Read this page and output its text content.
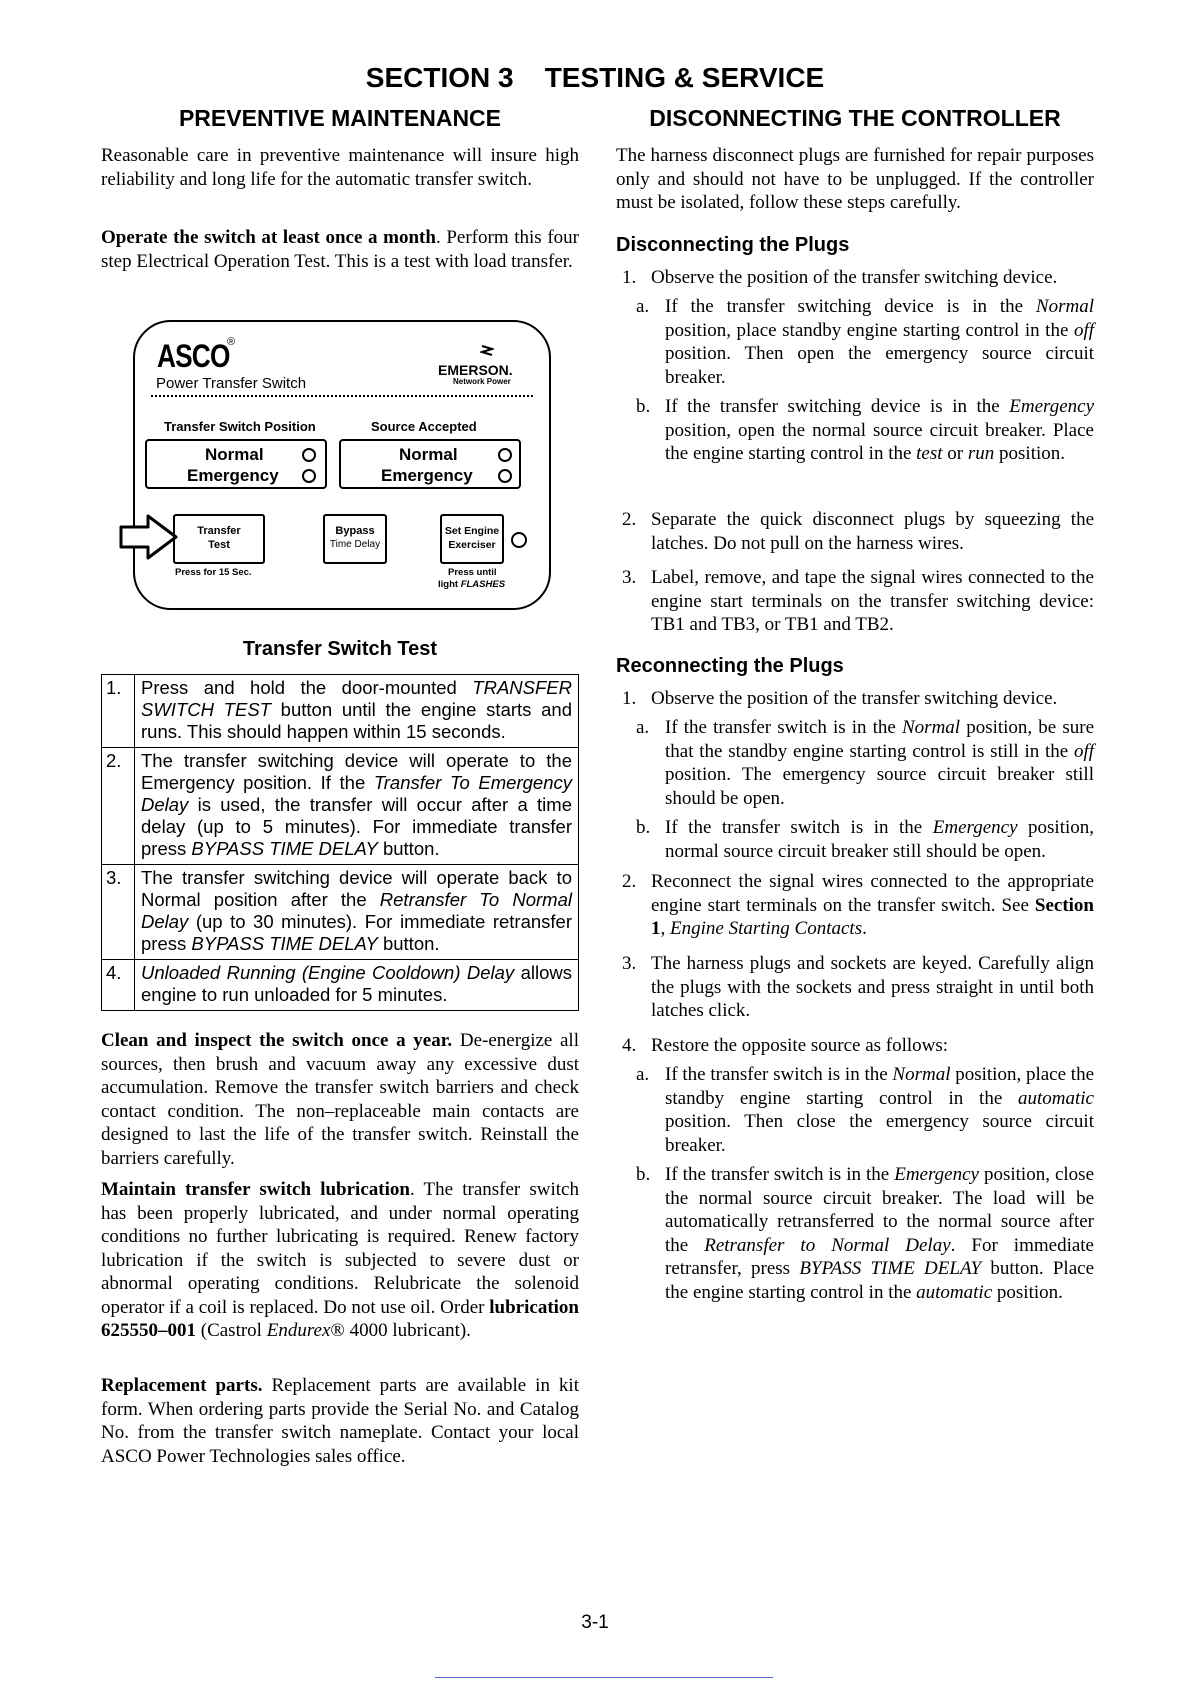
SECTION 3    TESTING & SERVICE
PREVENTIVE MAINTENANCE

Reasonable care in preventive maintenance will insure high reliability and long life for the automatic transfer switch.

Operate the switch at least once a month. Perform this four step Electrical Operation Test. This is a test with load transfer.

ASCO
®
Power Transfer Switch
EMERSON.
Network Power
Transfer Switch Position	Source Accepted
Normal
Emergency
Normal
Emergency
Transfer
Test
Press for 15 Sec.
Bypass
Time Delay
Set Engine
Exerciser
Press until
light FLASHES
Transfer Switch Test
1.	Press and hold the door-mounted TRANSFER SWITCH TEST button until the engine starts and runs. This should happen within 15 seconds.
2.	The transfer switching device will operate to the Emergency position. If the Transfer To Emergency Delay is used, the transfer will occur after a time delay (up to 5 minutes). For immediate transfer press BYPASS TIME DELAY button.
3.	The transfer switching device will operate back to Normal position after the Retransfer To Normal Delay (up to 30 minutes). For immediate retransfer press BYPASS TIME DELAY button.
4.	Unloaded Running (Engine Cooldown) Delay allows engine to run unloaded for 5 minutes.

Clean and inspect the switch once a year. De-energize all sources, then brush and vacuum away any excessive dust accumulation. Remove the transfer switch barriers and check contact condition. The non–replaceable main contacts are designed to last the life of the transfer switch. Reinstall the barriers carefully.

Maintain transfer switch lubrication. The transfer switch has been properly lubricated, and under normal operating conditions no further lubricating is required. Renew factory lubrication if the switch is subjected to severe dust or abnormal operating conditions. Relubricate the solenoid operator if a coil is replaced. Do not use oil. Order lubrication 625550–001 (Castrol Endurex® 4000 lubricant).

Replacement parts. Replacement parts are available in kit form. When ordering parts provide the Serial No. and Catalog No. from the transfer switch nameplate. Contact your local ASCO Power Technologies sales office.

DISCONNECTING THE CONTROLLER

The harness disconnect plugs are furnished for repair purposes only and should not have to be unplugged. If the controller must be isolated, follow these steps carefully.

Disconnecting the Plugs
1. Observe the position of the transfer switching device.
a. If the transfer switching device is in the Normal position, place standby engine starting control in the off position. Then open the emergency source circuit breaker.
b. If the transfer switching device is in the Emergency position, open the normal source circuit breaker. Place the engine starting control in the test or run position.
2. Separate the quick disconnect plugs by squeezing the latches. Do not pull on the harness wires.
3. Label, remove, and tape the signal wires connected to the engine start terminals on the transfer switching device: TB1 and TB3, or TB1 and TB2.
Reconnecting the Plugs
1. Observe the position of the transfer switching device.
a. If the transfer switch is in the Normal position, be sure that the standby engine starting control is still in the off position. The emergency source circuit breaker still should be open.
b. If the transfer switch is in the Emergency position, normal source circuit breaker still should be open.
2. Reconnect the signal wires connected to the appropriate engine start terminals on the transfer switch. See Section 1, Engine Starting Contacts.
3. The harness plugs and sockets are keyed. Carefully align the plugs with the sockets and press straight in until both latches click.
4. Restore the opposite source as follows:
a. If the transfer switch is in the Normal position, place the standby engine starting control in the automatic position. Then close the emergency source circuit breaker.
b. If the transfer switch is in the Emergency position, close the normal source circuit breaker. The load will be automatically retransferred to the normal source after the Retransfer to Normal Delay. For immediate retransfer, press BYPASS TIME DELAY button. Place the engine starting control in the automatic position.
3-1
